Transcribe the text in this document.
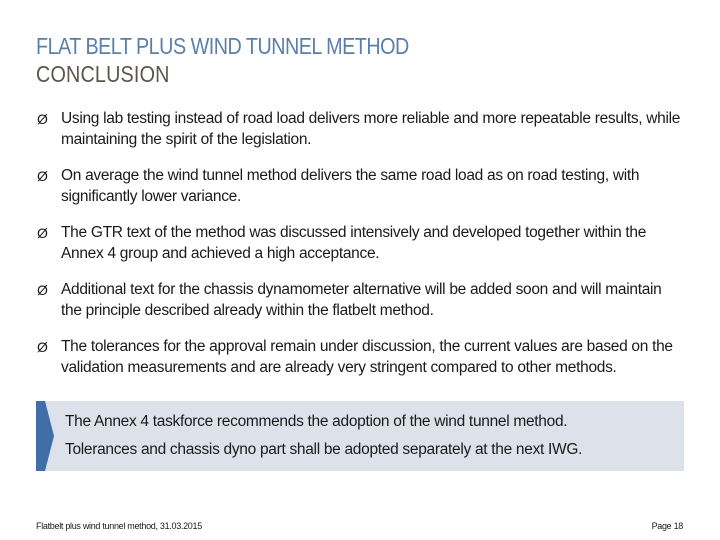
FLAT BELT PLUS WIND TUNNEL METHOD
CONCLUSION
Ø Using lab testing instead of road load delivers more reliable and more repeatable results, while maintaining the spirit of the legislation.
Ø On average the wind tunnel method delivers the same road load as on road testing, with significantly lower variance.
Ø The GTR text of the method was discussed intensively and developed together within the Annex 4 group and achieved a high acceptance.
Ø Additional text for the chassis dynamometer alternative will be added soon and will maintain the principle described already within the flatbelt method.
Ø The tolerances for the approval remain under discussion, the current values are based on the validation measurements and are already very stringent compared to other methods.
The Annex 4 taskforce recommends the adoption of the wind tunnel method.
Tolerances and chassis dyno part shall be adopted separately at the next IWG.
Flatbelt plus wind tunnel method, 31.03.2015	Page 18
